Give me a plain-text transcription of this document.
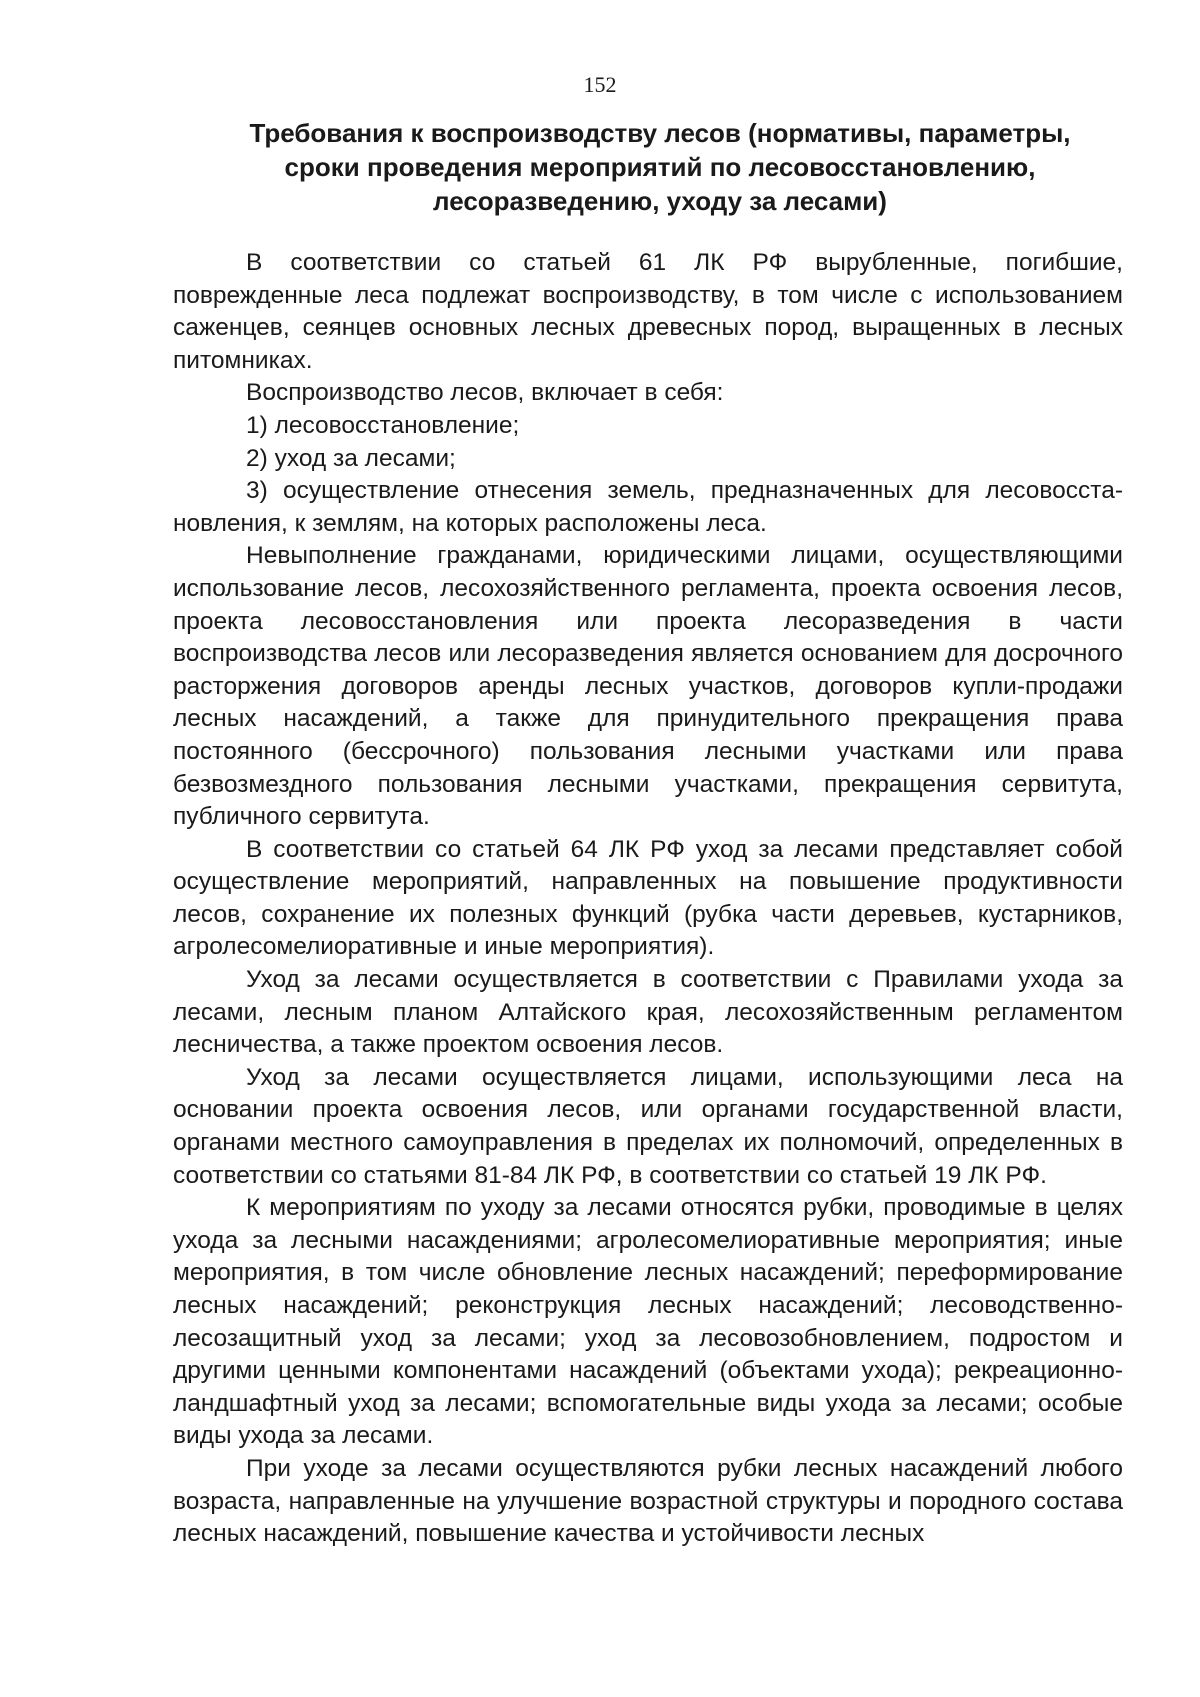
152
Требования к воспроизводству лесов (нормативы, параметры,
сроки проведения мероприятий по лесовосстановлению,
лесоразведению, уходу за лесами)

В соответствии со статьей 61 ЛК РФ вырубленные, погибшие, поврежденные леса подлежат воспроизводству, в том числе с использованием саженцев, сеянцев основных лесных древесных пород, выращенных в лесных питомниках.

Воспроизводство лесов, включает в себя:

1) лесовосстановление;

2) уход за лесами;

3) осуществление отнесения земель, предназначенных для лесовосстановления, к землям, на которых расположены леса.

Невыполнение гражданами, юридическими лицами, осуществляющими использование лесов, лесохозяйственного регламента, проекта освоения лесов, проекта лесовосстановления или проекта лесоразведения в части воспроизводства лесов или лесоразведения является основанием для досрочного расторжения договоров аренды лесных участков, договоров купли-продажи лесных насаждений, а также для принудительного прекращения права постоянного (бессрочного) пользования лесными участками или права безвозмездного пользования лесными участками, прекращения сервитута, публичного сервитута.

В соответствии со статьей 64 ЛК РФ уход за лесами представляет собой осуществление мероприятий, направленных на повышение продуктивности лесов, сохранение их полезных функций (рубка части деревьев, кустарников, агролесомелиоративные и иные мероприятия).

Уход за лесами осуществляется в соответствии с Правилами ухода за лесами, лесным планом Алтайского края, лесохозяйственным регламентом лесничества, а также проектом освоения лесов.

Уход за лесами осуществляется лицами, использующими леса на основании проекта освоения лесов, или органами государственной власти, органами местного самоуправления в пределах их полномочий, определенных в соответствии со статьями 81-84 ЛК РФ, в соответствии со статьей 19 ЛК РФ.

К мероприятиям по уходу за лесами относятся рубки, проводимые в целях ухода за лесными насаждениями; агролесомелиоративные мероприятия; иные мероприятия, в том числе обновление лесных насаждений; переформирование лесных насаждений; реконструкция лесных насаждений; лесоводственно-лесозащитный уход за лесами; уход за лесовозобновлением, подростом и другими ценными компонентами насаждений (объектами ухода); рекреационно-ландшафтный уход за лесами; вспомогательные виды ухода за лесами; особые виды ухода за лесами.

При уходе за лесами осуществляются рубки лесных насаждений любого возраста, направленные на улучшение возрастной структуры и породного состава лесных насаждений, повышение качества и устойчивости лесных
